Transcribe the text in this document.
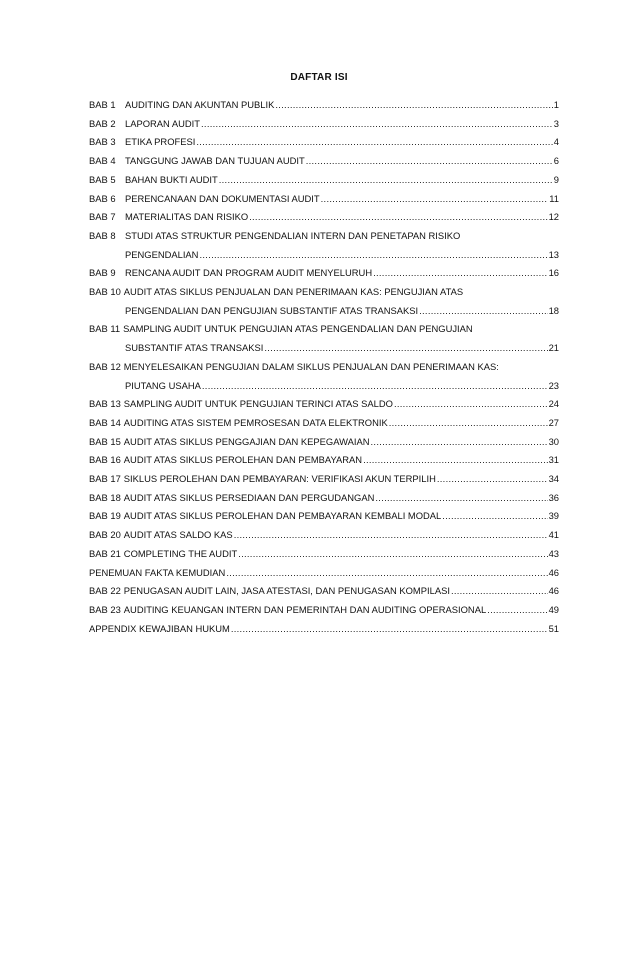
DAFTAR ISI
BAB 1	AUDITING DAN AKUNTAN PUBLIK .....	1
BAB 2	LAPORAN AUDIT .....	3
BAB 3	ETIKA PROFESI .....	4
BAB 4	TANGGUNG JAWAB DAN TUJUAN AUDIT .....	6
BAB 5	BAHAN BUKTI AUDIT .....	9
BAB 6	PERENCANAAN DAN DOKUMENTASI AUDIT .....	11
BAB 7	MATERIALITAS DAN RISIKO .....	12
BAB 8	STUDI ATAS STRUKTUR PENGENDALIAN INTERN DAN PENETAPAN RISIKO
PENGENDALIAN .....	13
BAB 9	RENCANA AUDIT DAN PROGRAM AUDIT MENYELURUH .....	16
BAB 10 AUDIT ATAS SIKLUS PENJUALAN DAN PENERIMAAN KAS: PENGUJIAN ATAS
PENGENDALIAN DAN PENGUJIAN SUBSTANTIF ATAS TRANSAKSI .....	18
BAB 11 SAMPLING AUDIT UNTUK PENGUJIAN ATAS PENGENDALIAN DAN PENGUJIAN
SUBSTANTIF ATAS TRANSAKSI .....	21
BAB 12 MENYELESAIKAN PENGUJIAN DALAM SIKLUS PENJUALAN DAN PENERIMAAN KAS:
PIUTANG USAHA .....	23
BAB 13 SAMPLING AUDIT UNTUK PENGUJIAN TERINCI ATAS SALDO .....	24
BAB 14 AUDITING ATAS SISTEM PEMROSESAN DATA ELEKTRONIK .....	27
BAB 15 AUDIT ATAS SIKLUS PENGGAJIAN DAN KEPEGAWAIAN .....	30
BAB 16 AUDIT ATAS SIKLUS PEROLEHAN DAN PEMBAYARAN .....	31
BAB 17 SIKLUS PEROLEHAN DAN PEMBAYARAN: VERIFIKASI AKUN TERPILIH .....	34
BAB 18 AUDIT ATAS SIKLUS PERSEDIAAN DAN PERGUDANGAN .....	36
BAB 19 AUDIT ATAS SIKLUS PEROLEHAN DAN PEMBAYARAN KEMBALI MODAL .....	39
BAB 20 AUDIT ATAS SALDO KAS .....	41
BAB 21 COMPLETING THE AUDIT .....	43
PENEMUAN FAKTA KEMUDIAN .....	46
BAB 22 PENUGASAN AUDIT LAIN, JASA ATESTASI, DAN PENUGASAN KOMPILASI .....	46
BAB 23 AUDITING KEUANGAN INTERN DAN PEMERINTAH DAN AUDITING OPERASIONAL .....	49
APPENDIX KEWAJIBAN HUKUM .....	51
